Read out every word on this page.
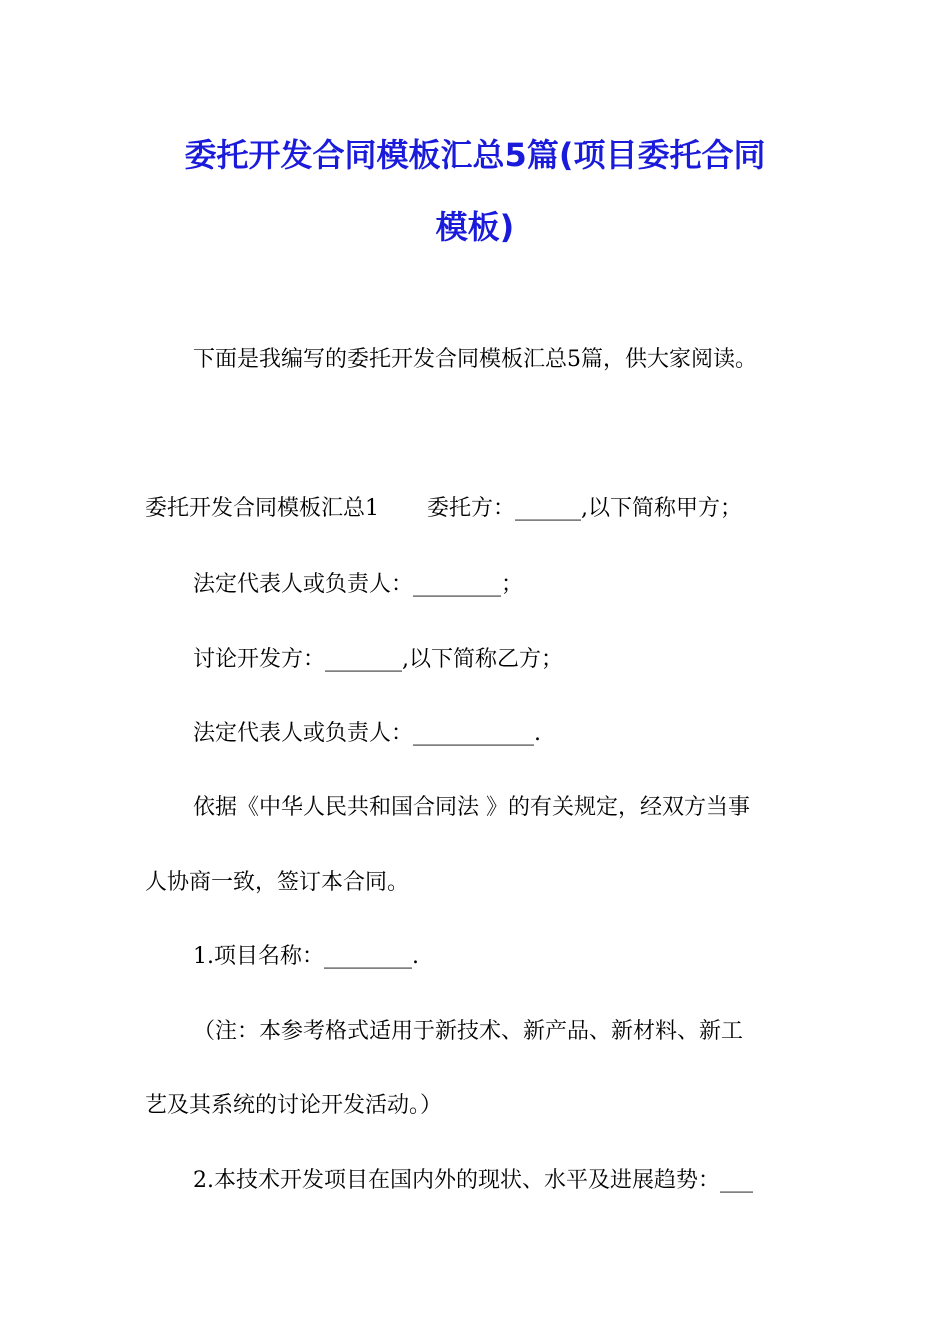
委托开发合同模板汇总5篇(项目委托合同
模板)

下面是我编写的委托开发合同模板汇总5篇，供大家阅读。

委托开发合同模板汇总1 委托方：______,以下简称甲方；

法定代表人或负责人：________；

讨论开发方：_______,以下简称乙方；

法定代表人或负责人：___________.

依据《中华人民共和国合同法 》的有关规定，经双方当事

人协商一致，签订本合同。

1.项目名称：________.

（注：本参考格式适用于新技术、新产品、新材料、新工

艺及其系统的讨论开发活动。）

2.本技术开发项目在国内外的现状、水平及进展趋势：___
